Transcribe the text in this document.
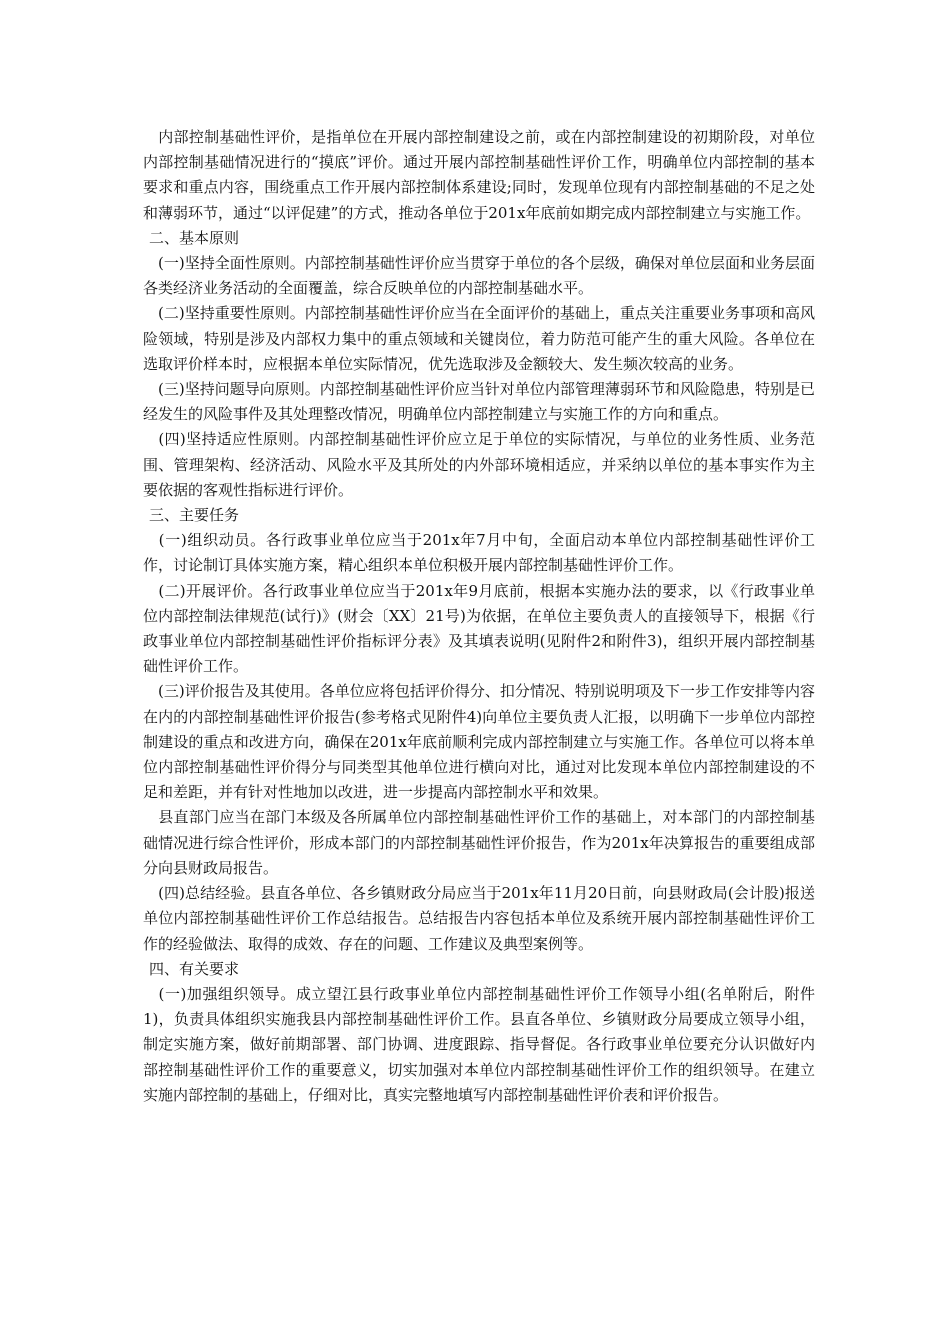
　内部控制基础性评价，是指单位在开展内部控制建设之前，或在内部控制建设的初期阶段，对单位内部控制基础情况进行的“摸底”评价。通过开展内部控制基础性评价工作，明确单位内部控制的基本要求和重点内容，围绕重点工作开展内部控制体系建设;同时，发现单位现有内部控制基础的不足之处和薄弱环节，通过“以评促建”的方式，推动各单位于201x年底前如期完成内部控制建立与实施工作。

二、基本原则

　(一)坚持全面性原则。内部控制基础性评价应当贯穿于单位的各个层级，确保对单位层面和业务层面各类经济业务活动的全面覆盖，综合反映单位的内部控制基础水平。

　(二)坚持重要性原则。内部控制基础性评价应当在全面评价的基础上，重点关注重要业务事项和高风险领域，特别是涉及内部权力集中的重点领域和关键岗位，着力防范可能产生的重大风险。各单位在选取评价样本时，应根据本单位实际情况，优先选取涉及金额较大、发生频次较高的业务。

　(三)坚持问题导向原则。内部控制基础性评价应当针对单位内部管理薄弱环节和风险隐患，特别是已经发生的风险事件及其处理整改情况，明确单位内部控制建立与实施工作的方向和重点。

　(四)坚持适应性原则。内部控制基础性评价应立足于单位的实际情况，与单位的业务性质、业务范围、管理架构、经济活动、风险水平及其所处的内外部环境相适应，并采纳以单位的基本事实作为主要依据的客观性指标进行评价。

三、主要任务

　(一)组织动员。各行政事业单位应当于201x年7月中旬，全面启动本单位内部控制基础性评价工作，讨论制订具体实施方案，精心组织本单位积极开展内部控制基础性评价工作。

　(二)开展评价。各行政事业单位应当于201x年9月底前，根据本实施办法的要求，以《行政事业单位内部控制法律规范(试行)》(财会〔XX〕21号)为依据，在单位主要负责人的直接领导下，根据《行政事业单位内部控制基础性评价指标评分表》及其填表说明(见附件2和附件3)，组织开展内部控制基础性评价工作。

　(三)评价报告及其使用。各单位应将包括评价得分、扣分情况、特别说明项及下一步工作安排等内容在内的内部控制基础性评价报告(参考格式见附件4)向单位主要负责人汇报，以明确下一步单位内部控制建设的重点和改进方向，确保在201x年底前顺利完成内部控制建立与实施工作。各单位可以将本单位内部控制基础性评价得分与同类型其他单位进行横向对比，通过对比发现本单位内部控制建设的不足和差距，并有针对性地加以改进，进一步提高内部控制水平和效果。

　县直部门应当在部门本级及各所属单位内部控制基础性评价工作的基础上，对本部门的内部控制基础情况进行综合性评价，形成本部门的内部控制基础性评价报告，作为201x年决算报告的重要组成部分向县财政局报告。

　(四)总结经验。县直各单位、各乡镇财政分局应当于201x年11月20日前，向县财政局(会计股)报送单位内部控制基础性评价工作总结报告。总结报告内容包括本单位及系统开展内部控制基础性评价工作的经验做法、取得的成效、存在的问题、工作建议及典型案例等。

四、有关要求

　(一)加强组织领导。成立望江县行政事业单位内部控制基础性评价工作领导小组(名单附后，附件1)，负责具体组织实施我县内部控制基础性评价工作。县直各单位、乡镇财政分局要成立领导小组，制定实施方案，做好前期部署、部门协调、进度跟踪、指导督促。各行政事业单位要充分认识做好内部控制基础性评价工作的重要意义，切实加强对本单位内部控制基础性评价工作的组织领导。在建立实施内部控制的基础上，仔细对比，真实完整地填写内部控制基础性评价表和评价报告。
